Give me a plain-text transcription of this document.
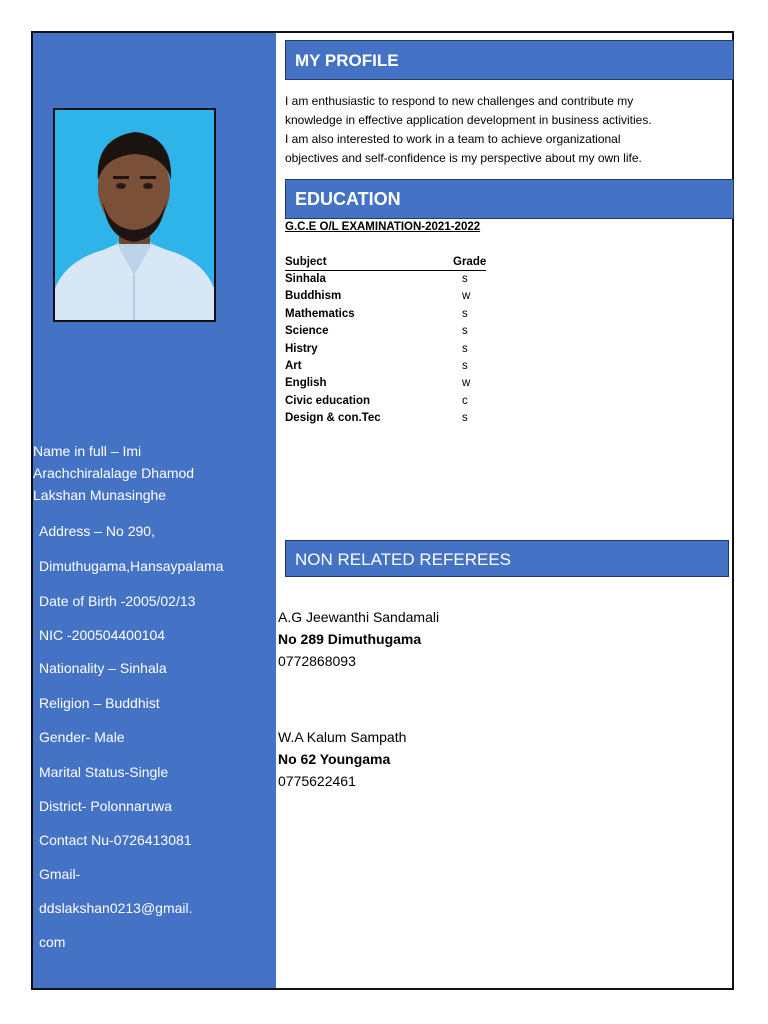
Name in full – Imi
Arachchiralalage Dhamod
Lakshan Munasinghe
Address – No 290,
Dimuthugama,Hansaypalama
Date of Birth -2005/02/13
NIC -200504400104
Nationality – Sinhala
Religion – Buddhist
Gender- Male
Marital Status-Single
District- Polonnaruwa
Contact Nu-0726413081
Gmail-
ddslakshan0213@gmail.
com
MY PROFILE
I am enthusiastic to respond to new challenges and contribute my
knowledge in effective application development in business activities.
I am also interested to work in a team to achieve organizational
objectives and self-confidence is my perspective about my own life.
EDUCATION
G.C.E O/L EXAMINATION-2021-2022
Subject	Grade
Sinhala	s
Buddhism	w
Mathematics	s
Science	s
Histry	s
Art	s
English	w
Civic education	c
Design & con.Tec	s
NON RELATED REFEREES
A.G Jeewanthi Sandamali
No 289 Dimuthugama
0772868093
W.A Kalum Sampath
No 62 Youngama
0775622461
